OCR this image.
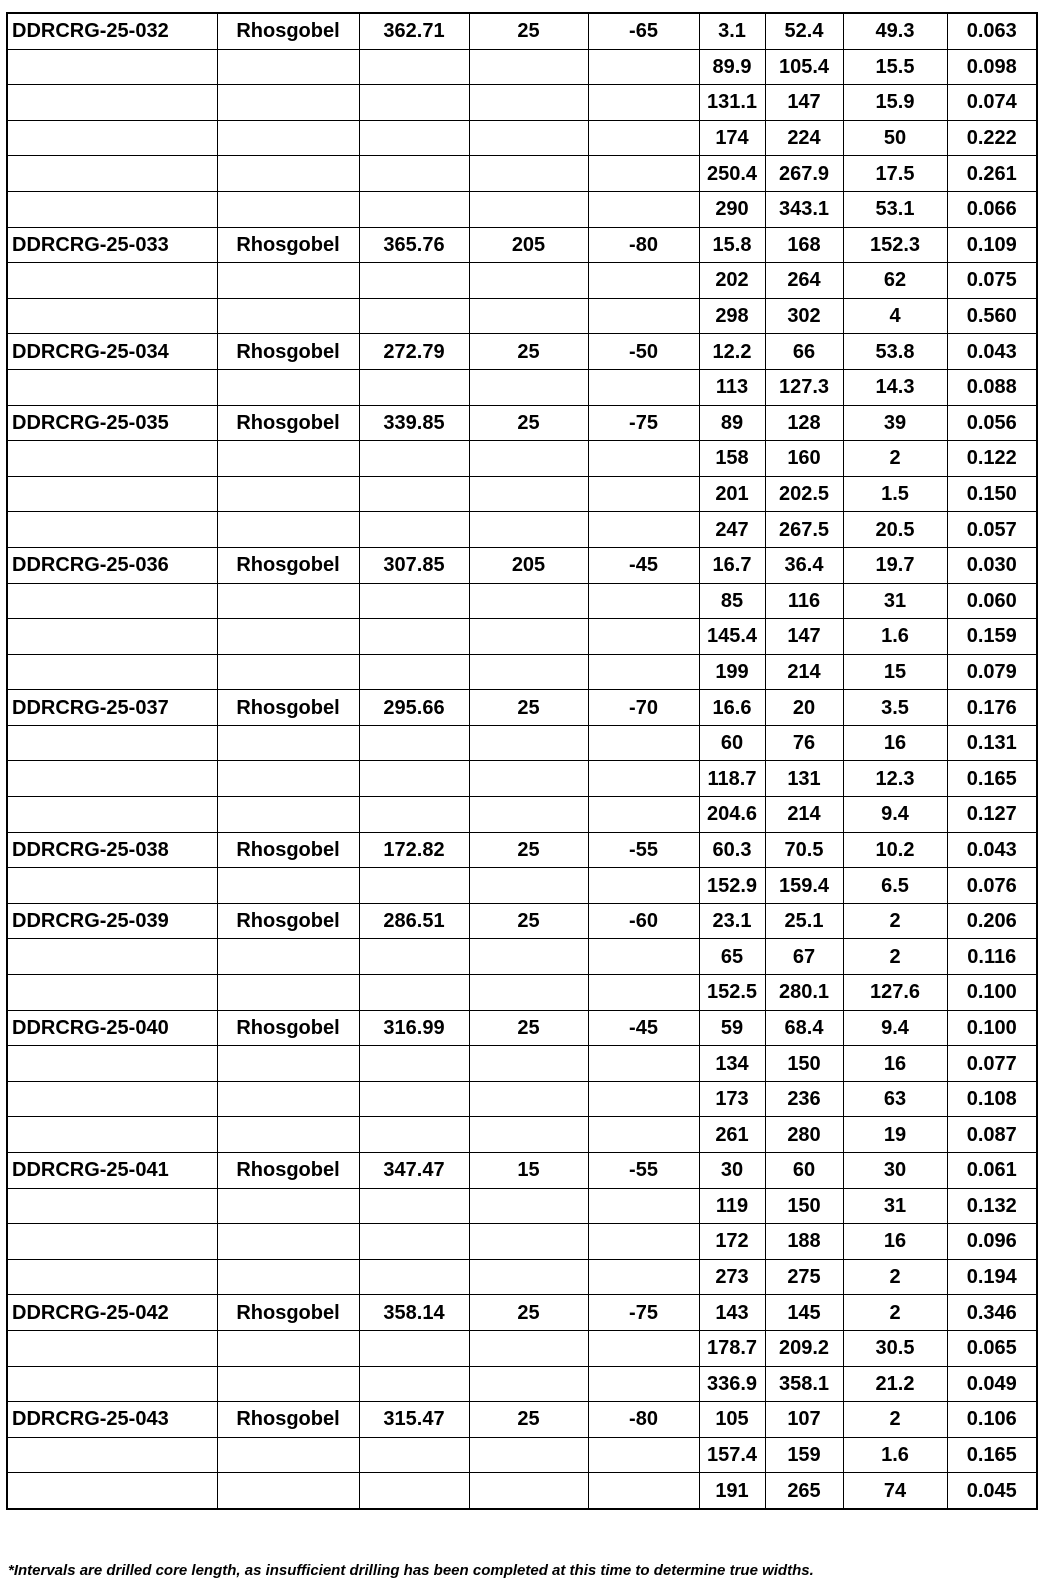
DDRCRG-25-032	Rhosgobel	362.71	25	-65	3.1	52.4	49.3	0.063
					89.9	105.4	15.5	0.098
					131.1	147	15.9	0.074
					174	224	50	0.222
					250.4	267.9	17.5	0.261
					290	343.1	53.1	0.066
DDRCRG-25-033	Rhosgobel	365.76	205	-80	15.8	168	152.3	0.109
					202	264	62	0.075
					298	302	4	0.560
DDRCRG-25-034	Rhosgobel	272.79	25	-50	12.2	66	53.8	0.043
					113	127.3	14.3	0.088
DDRCRG-25-035	Rhosgobel	339.85	25	-75	89	128	39	0.056
					158	160	2	0.122
					201	202.5	1.5	0.150
					247	267.5	20.5	0.057
DDRCRG-25-036	Rhosgobel	307.85	205	-45	16.7	36.4	19.7	0.030
					85	116	31	0.060
					145.4	147	1.6	0.159
					199	214	15	0.079
DDRCRG-25-037	Rhosgobel	295.66	25	-70	16.6	20	3.5	0.176
					60	76	16	0.131
					118.7	131	12.3	0.165
					204.6	214	9.4	0.127
DDRCRG-25-038	Rhosgobel	172.82	25	-55	60.3	70.5	10.2	0.043
					152.9	159.4	6.5	0.076
DDRCRG-25-039	Rhosgobel	286.51	25	-60	23.1	25.1	2	0.206
					65	67	2	0.116
					152.5	280.1	127.6	0.100
DDRCRG-25-040	Rhosgobel	316.99	25	-45	59	68.4	9.4	0.100
					134	150	16	0.077
					173	236	63	0.108
					261	280	19	0.087
DDRCRG-25-041	Rhosgobel	347.47	15	-55	30	60	30	0.061
					119	150	31	0.132
					172	188	16	0.096
					273	275	2	0.194
DDRCRG-25-042	Rhosgobel	358.14	25	-75	143	145	2	0.346
					178.7	209.2	30.5	0.065
					336.9	358.1	21.2	0.049
DDRCRG-25-043	Rhosgobel	315.47	25	-80	105	107	2	0.106
					157.4	159	1.6	0.165
					191	265	74	0.045
*Intervals are drilled core length, as insufficient drilling has been completed at this time to determine true widths.
